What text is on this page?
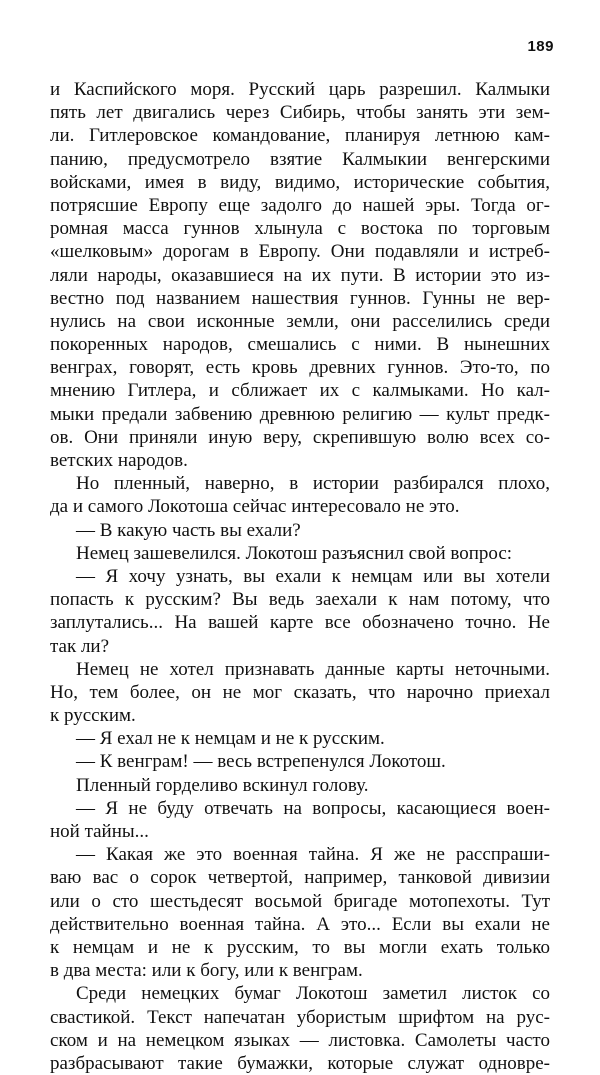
189
и Каспийского моря. Русский царь разрешил. Калмыки
пять лет двигались через Сибирь, чтобы занять эти зем-
ли. Гитлеровское командование, планируя летнюю кам-
панию, предусмотрело взятие Калмыкии венгерскими
войсками, имея в виду, видимо, исторические события,
потрясшие Европу еще задолго до нашей эры. Тогда ог-
ромная масса гуннов хлынула с востока по торговым
«шелковым» дорогам в Европу. Они подавляли и истреб-
ляли народы, оказавшиеся на их пути. В истории это из-
вестно под названием нашествия гуннов. Гунны не вер-
нулись на свои исконные земли, они расселились среди
покоренных народов, смешались с ними. В нынешних
венграх, говорят, есть кровь древних гуннов. Это-то, по
мнению Гитлера, и сближает их с калмыками. Но кал-
мыки предали забвению древнюю религию — культ предк-
ов. Они приняли иную веру, скрепившую волю всех со-
ветских народов.
Но пленный, наверно, в истории разбирался плохо,
да и самого Локотоша сейчас интересовало не это.
— В какую часть вы ехали?
Немец зашевелился. Локотош разъяснил свой вопрос:
— Я хочу узнать, вы ехали к немцам или вы хотели
попасть к русским? Вы ведь заехали к нам потому, что
заплутались... На вашей карте все обозначено точно. Не
так ли?
Немец не хотел признавать данные карты неточными.
Но, тем более, он не мог сказать, что нарочно приехал
к русским.
— Я ехал не к немцам и не к русским.
— К венграм! — весь встрепенулся Локотош.
Пленный горделиво вскинул голову.
— Я не буду отвечать на вопросы, касающиеся воен-
ной тайны...
— Какая же это военная тайна. Я же не расспраши-
ваю вас о сорок четвертой, например, танковой дивизии
или о сто шестьдесят восьмой бригаде мотопехоты. Тут
действительно военная тайна. А это... Если вы ехали не
к немцам и не к русским, то вы могли ехать только
в два места: или к богу, или к венграм.
Среди немецких бумаг Локотош заметил листок со
свастикой. Текст напечатан убористым шрифтом на рус-
ском и на немецком языках — листовка. Самолеты часто
разбрасывают такие бумажки, которые служат одновре-
